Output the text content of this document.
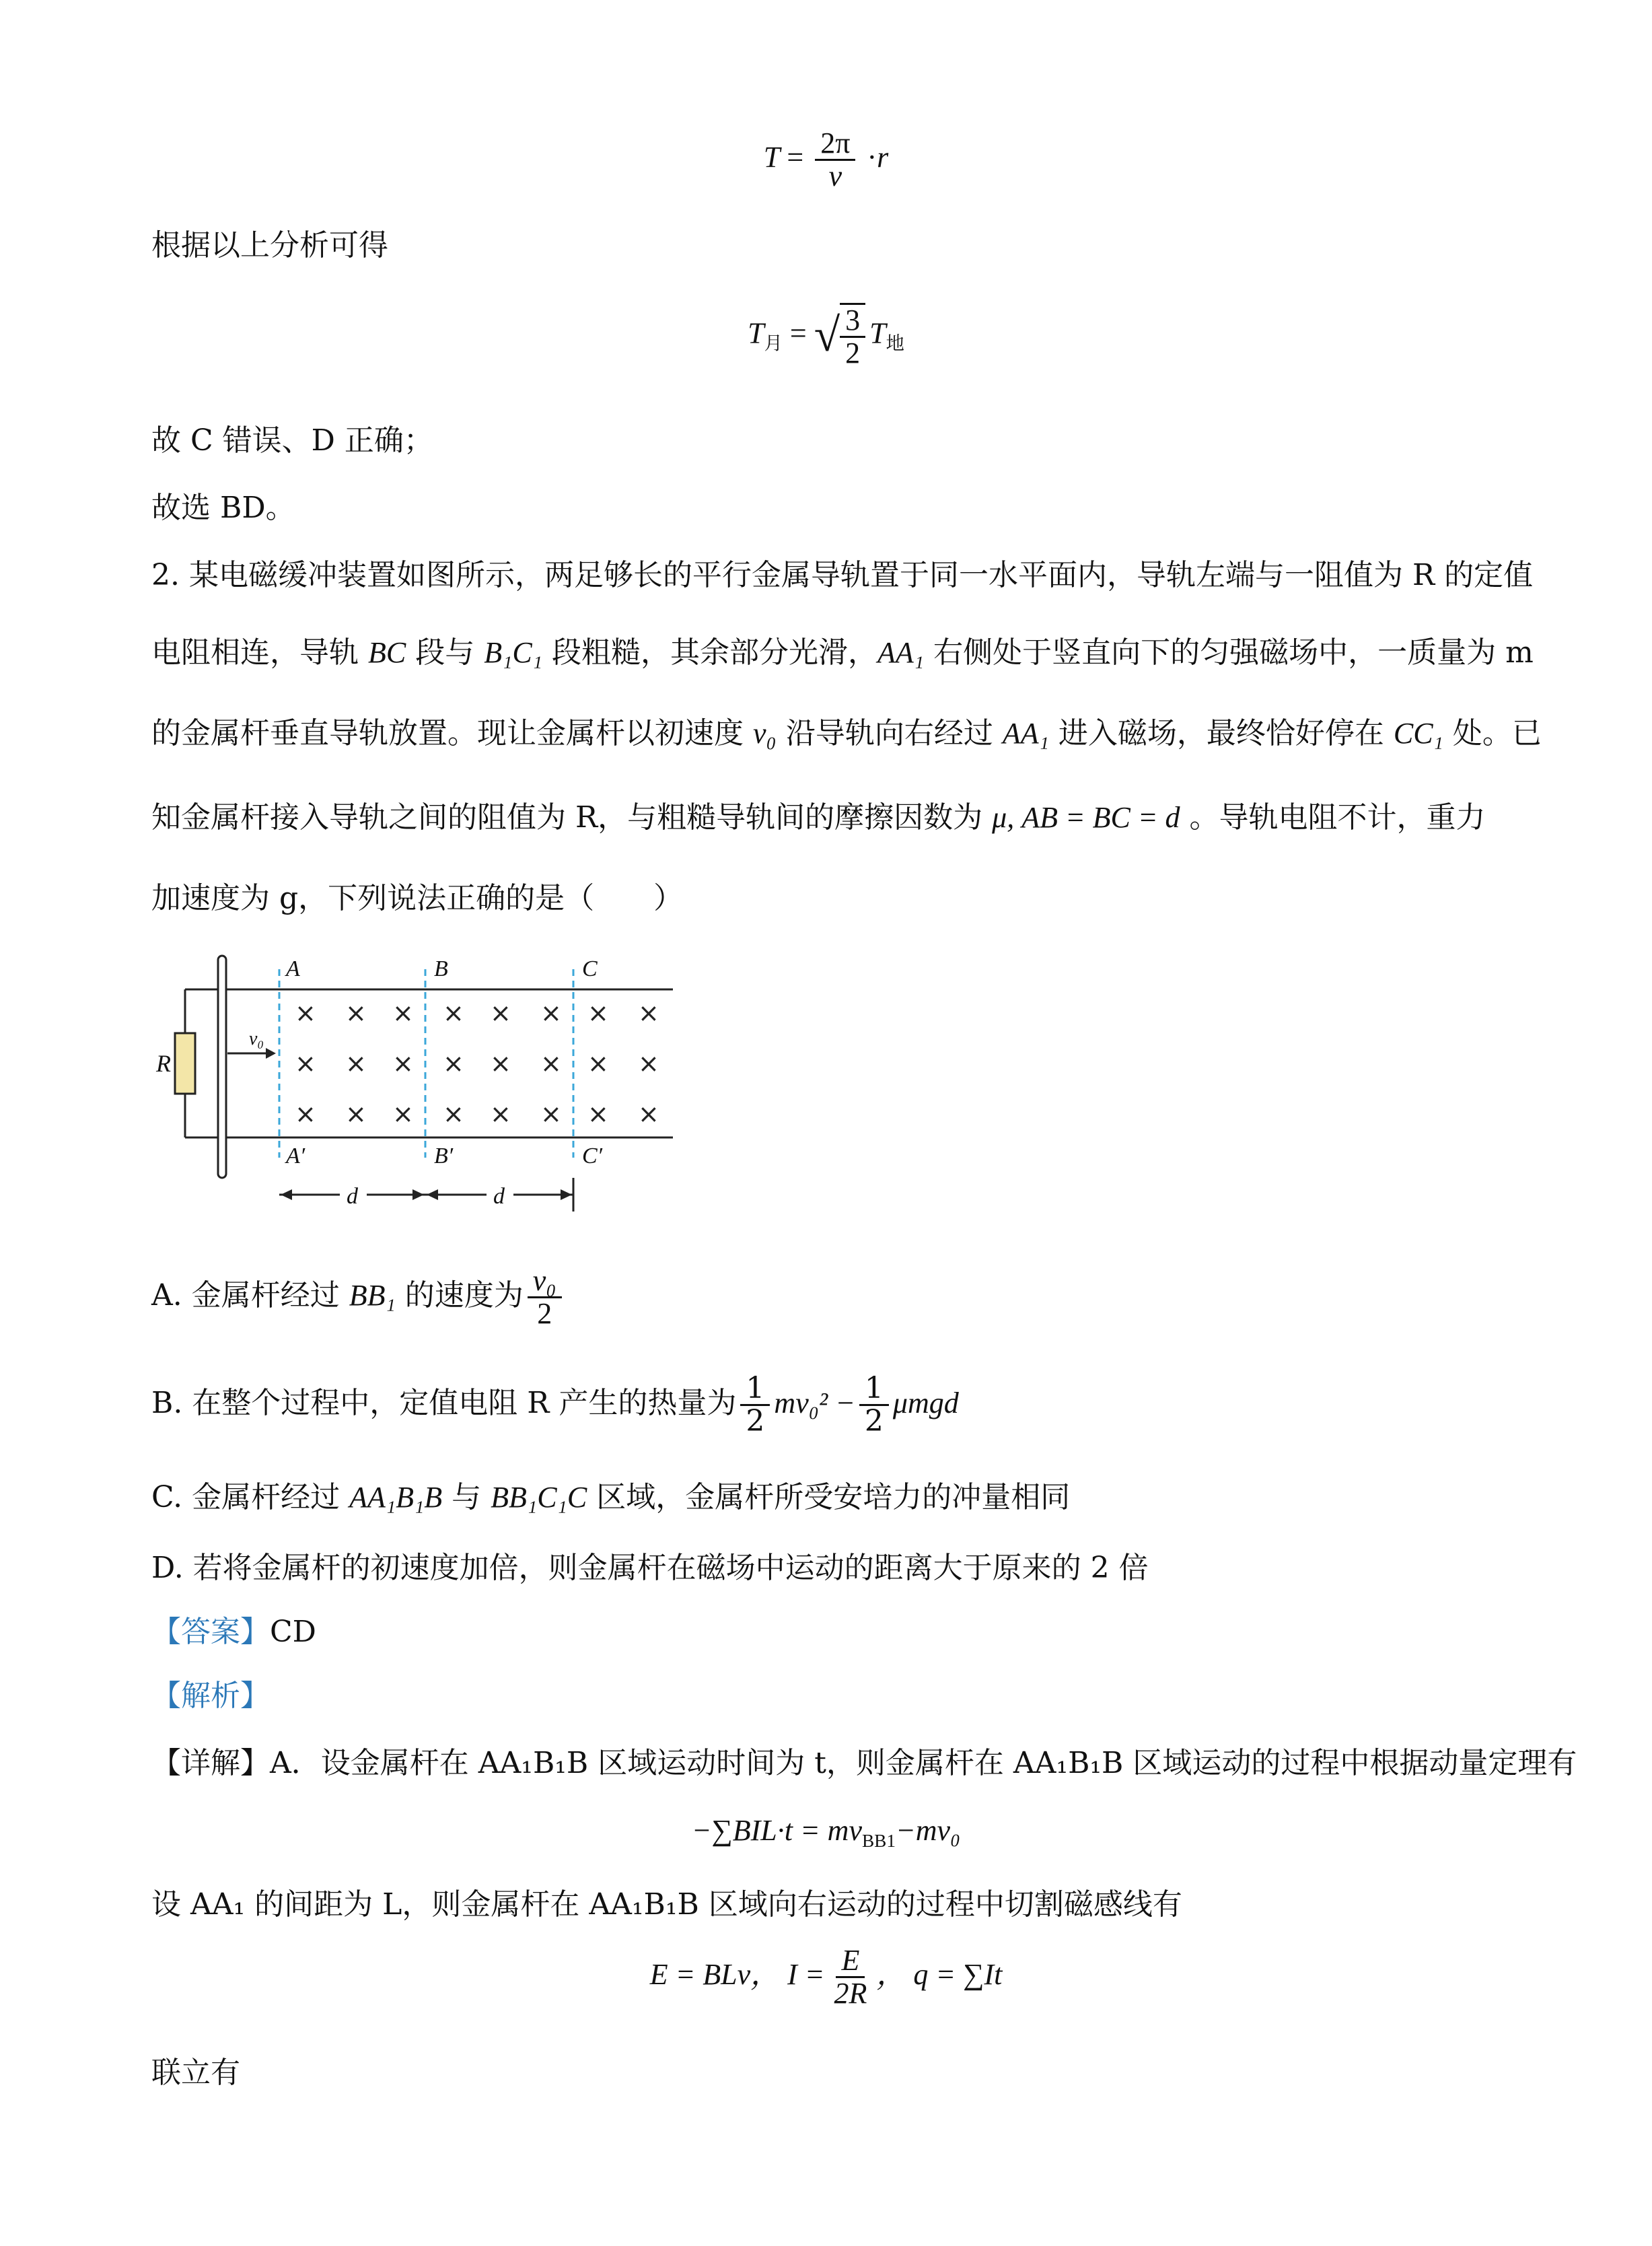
$T = \frac{2\pi}{v} \cdot r$
根据以上分析可得
$T_月$ = √ $\frac{3}{2} T_地$
故 C 错误、D 正确；
故选 BD。
2. 某电磁缓冲装置如图所示，两足够长的平行金属导轨置于同一水平面内，导轨左端与一阻值为 R 的定值
电阻相连，导轨 BC 段与 B₁C₁ 段粗糙，其余部分光滑，AA₁ 右侧处于竖直向下的匀强磁场中，一质量为 m
的金属杆垂直导轨放置。现让金属杆以初速度 v₀ 沿导轨向右经过 AA₁ 进入磁场，最终恰好停在 CC₁ 处。已
知金属杆接入导轨之间的阻值为 R，与粗糙导轨间的摩擦因数为 μ, AB = BC = d 。导轨电阻不计，重力
加速度为 g，下列说法正确的是（　　）
R
v₀
A	B	C
A′	B′	C′
d	d
× × × × × × × ×
× × × × × × × ×
× × × × × × × ×
A. 金属杆经过 BB₁ 的速度为 $\frac{\text{v₀}}{2}$
B. 在整个过程中，定值电阻 R 产生的热量为 $\frac{1}{2} mv_0^2 - \frac{1}{2}$ μmgd
C. 金属杆经过 AA₁B₁B 与 BB₁C₁C 区域，金属杆所受安培力的冲量相同
D. 若将金属杆的初速度加倍，则金属杆在磁场中运动的距离大于原来的 2 倍
【答案】CD
【解析】
【详解】A．设金属杆在 AA₁B₁B 区域运动时间为 t，则金属杆在 AA₁B₁B 区域运动的过程中根据动量定理有
$-\sum BIL\cdot t = mv_{BB1}-mv_0$
设 AA₁ 的间距为 L，则金属杆在 AA₁B₁B 区域向右运动的过程中切割磁感线有
E = BLv， $I = \frac{E}{2R}$ ， q = ∑It
联立有
